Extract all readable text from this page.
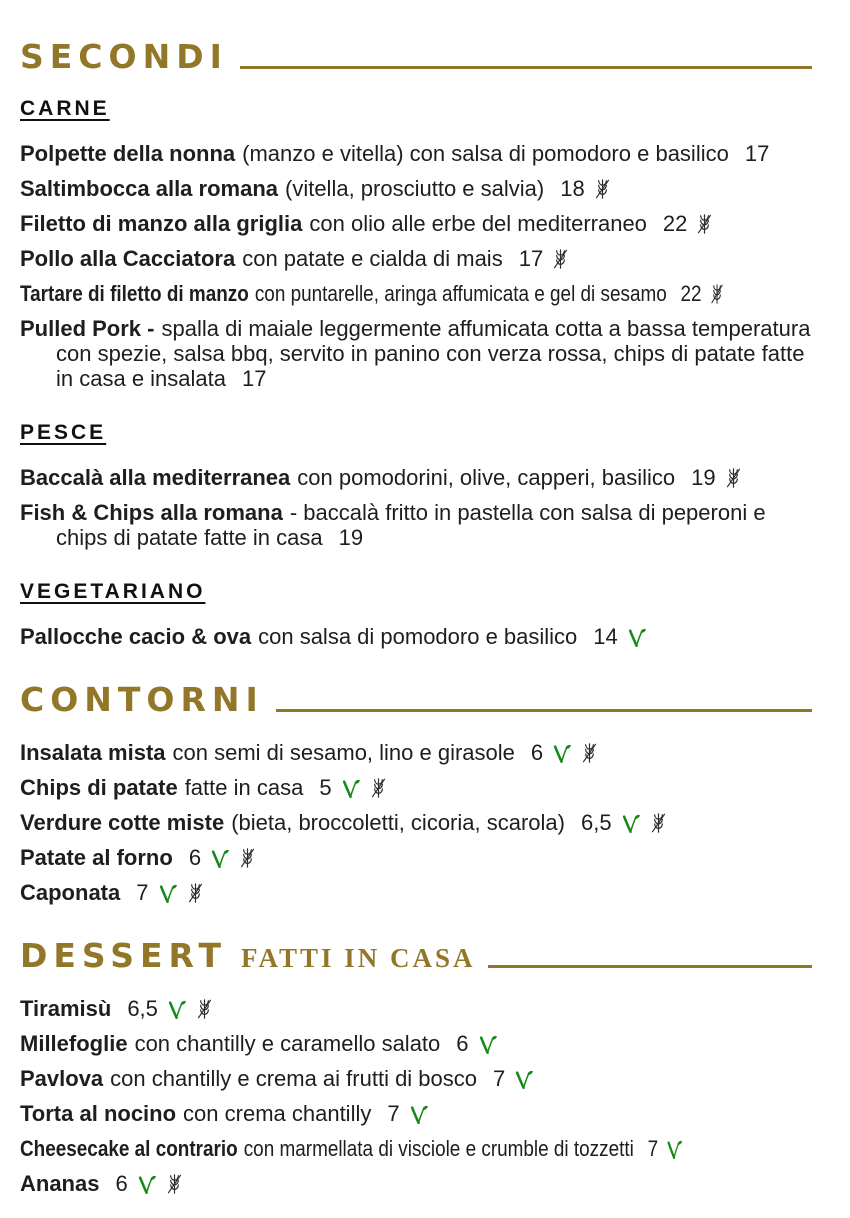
SECONDI
CARNE

Polpette della nonna (manzo e vitella) con salsa di pomodoro e basilico 17

Saltimbocca alla romana (vitella, prosciutto e salvia) 18

Filetto di manzo alla griglia con olio alle erbe del mediterraneo 22

Pollo alla Cacciatora con patate e cialda di mais 17

Tartare di filetto di manzo con puntarelle, aringa affumicata e gel di sesamo 22

Pulled Pork - spalla di maiale leggermente affumicata cotta a bassa temperatura con spezie, salsa bbq, servito in panino con verza rossa, chips di patate fatte in casa e insalata 17

PESCE

Baccalà alla mediterranea con pomodorini, olive, capperi, basilico 19

Fish & Chips alla romana - baccalà fritto in pastella con salsa di peperoni e chips di patate fatte in casa 19

VEGETARIANO

Pallocche cacio & ova con salsa di pomodoro e basilico 14

CONTORNI

Insalata mista con semi di sesamo, lino e girasole 6

Chips di patate fatte in casa 5

Verdure cotte miste (bieta, broccoletti, cicoria, scarola) 6,5

Patate al forno 6

Caponata 7

DESSERT FATTI IN CASA

Tiramisù 6,5

Millefoglie con chantilly e caramello salato 6

Pavlova con chantilly e crema ai frutti di bosco 7

Torta al nocino con crema chantilly 7

Cheesecake al contrario con marmellata di visciole e crumble di tozzetti 7

Ananas 6
